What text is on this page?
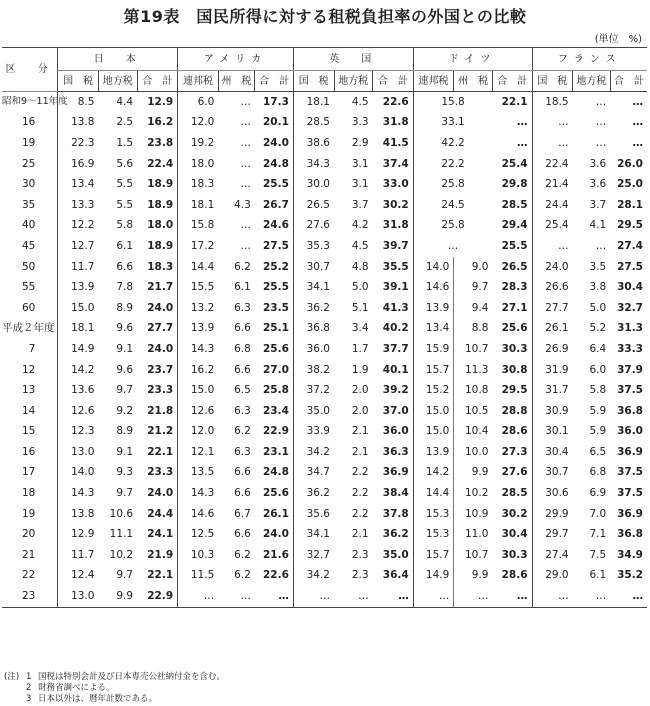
第19表　国民所得に対する租税負担率の外国との比較
(単位　%)
区　分	日　本			アメリカ			英　国			ドイツ			フランス		
	国　税	地方税	合　計	連邦税	州　税	合　計	国　税	地方税	合　計	連邦税	州　税	合　計	国　税	地方税	合　計
昭和9～11年度	8.5	4.4	12.9	6.0	…	17.3	18.1	4.5	22.6	15.8		22.1	18.5	…	…
16	13.8	2.5	16.2	12.0	…	20.1	28.5	3.3	31.8	33.1		…	…	…	…
19	22.3	1.5	23.8	19.2	…	24.0	38.6	2.9	41.5	42.2		…	…	…	…
25	16.9	5.6	22.4	18.0	…	24.8	34.3	3.1	37.4	22.2		25.4	22.4	3.6	26.0
30	13.4	5.5	18.9	18.3	…	25.5	30.0	3.1	33.0	25.8		29.8	21.4	3.6	25.0
35	13.3	5.5	18.9	18.1	4.3	26.7	26.5	3.7	30.2	24.5		28.5	24.4	3.7	28.1
40	12.2	5.8	18.0	15.8	…	24.6	27.6	4.2	31.8	25.8		29.4	25.4	4.1	29.5
45	12.7	6.1	18.9	17.2	…	27.5	35.3	4.5	39.7	…		25.5	…	…	27.4
50	11.7	6.6	18.3	14.4	6.2	25.2	30.7	4.8	35.5	14.0	9.0	26.5	24.0	3.5	27.5
55	13.9	7.8	21.7	15.5	6.1	25.5	34.1	5.0	39.1	14.6	9.7	28.3	26.6	3.8	30.4
60	15.0	8.9	24.0	13.2	6.3	23.5	36.2	5.1	41.3	13.9	9.4	27.1	27.7	5.0	32.7
平成２年度	18.1	9.6	27.7	13.9	6.6	25.1	36.8	3.4	40.2	13.4	8.8	25.6	26.1	5.2	31.3
7	14.9	9.1	24.0	14.3	6.8	25.6	36.0	1.7	37.7	15.9	10.7	30.3	26.9	6.4	33.3
12	14.2	9.6	23.7	16.2	6.6	27.0	38.2	1.9	40.1	15.7	11.3	30.8	31.9	6.0	37.9
13	13.6	9.7	23.3	15.0	6.5	25.8	37.2	2.0	39.2	15.2	10.8	29.5	31.7	5.8	37.5
14	12.6	9.2	21.8	12.6	6.3	23.4	35.0	2.0	37.0	15.0	10.5	28.8	30.9	5.9	36.8
15	12.3	8.9	21.2	12.0	6.2	22.9	33.9	2.1	36.0	15.0	10.4	28.6	30.1	5.9	36.0
16	13.0	9.1	22.1	12.1	6.3	23.1	34.2	2.1	36.3	13.9	10.0	27.3	30.4	6.5	36.9
17	14.0	9.3	23.3	13.5	6.6	24.8	34.7	2.2	36.9	14.2	9.9	27.6	30.7	6.8	37.5
18	14.3	9.7	24.0	14.3	6.6	25.6	36.2	2.2	38.4	14.4	10.2	28.5	30.6	6.9	37.5
19	13.8	10.6	24.4	14.6	6.7	26.1	35.6	2.2	37.8	15.3	10.9	30.2	29.9	7.0	36.9
20	12.9	11.1	24.1	12.5	6.6	24.0	34.1	2.1	36.2	15.3	11.0	30.4	29.7	7.1	36.8
21	11.7	10.2	21.9	10.3	6.2	21.6	32.7	2.3	35.0	15.7	10.7	30.3	27.4	7.5	34.9
22	12.4	9.7	22.1	11.5	6.2	22.6	34.2	2.3	36.4	14.9	9.9	28.6	29.0	6.1	35.2
23	13.0	9.9	22.9	…	…	…	…	…	…	…	…	…	…	…	…
(注) 1 国税は特別会計及び日本専売公社納付金を含む。
2 財務省調べによる。
3 日本以外は、暦年計数である。
